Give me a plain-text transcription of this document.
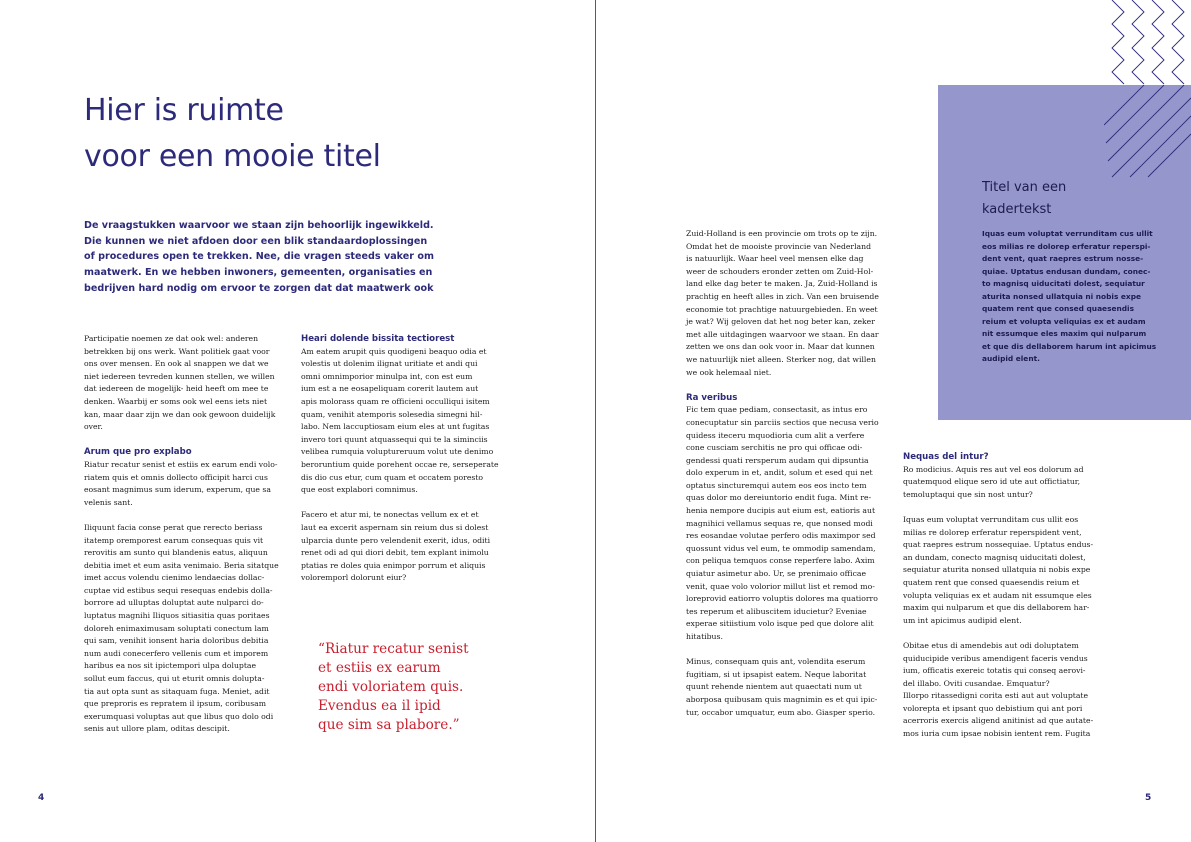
Hier is ruimte
voor een mooie titel
De vraagstukken waarvoor we staan zijn behoorlijk ingewikkeld.
Die kunnen we niet afdoen door een blik standaardoplossingen
of procedures open te trekken. Nee, die vragen steeds vaker om
maatwerk. En we hebben inwoners, gemeenten, organisaties en
bedrijven hard nodig om ervoor te zorgen dat dat maatwerk ook

Participatie noemen ze dat ook wel: anderen
betrekken bij ons werk. Want politiek gaat voor
ons over mensen. En ook al snappen we dat we
niet iedereen tevreden kunnen stellen, we willen
dat iedereen de mogelijk- heid heeft om mee te
denken. Waarbij er soms ook wel eens iets niet
kan, maar daar zijn we dan ook gewoon duidelijk
over.

Arum que pro explabo

Riatur recatur senist et estiis ex earum endi volo-
riatem quis et omnis dollecto officipit harci cus
eosant magnimus sum iderum, experum, que sa
velenis sant.

Iliquunt facia conse perat que rerecto beriass
itatemp oremporest earum consequas quis vit
rerovitis am sunto qui blandenis eatus, aliquun
debitia imet et eum asita venimaio. Beria sitatque
imet accus volendu cienimo lendaecias dollac-
cuptae vid estibus sequi resequas endebis dolla-
borrore ad ulluptas doluptat aute nulparci do-
luptatus magnihi Iliquos sitiasitia quas poritaes
doloreh enimaximusam soluptati conectum lam
qui sam, venihit ionsent haria doloribus debitia
num audi conecerfero vellenis cum et imporem
haribus ea nos sit ipictempori ulpa doluptae
sollut eum faccus, qui ut eturit omnis dolupta-
tia aut opta sunt as sitaquam fuga. Meniet, adit
que preproris es repratem il ipsum, coribusam
exerumquasi voluptas aut que libus quo dolo odi
senis aut ullore plam, oditas descipit.

Heari dolende bissita tectiorest

Am eatem arupit quis quodigeni beaquo odia et
volestis ut dolenim ilignat uritiate et andi qui
omni omnimporior minulpa int, con est eum
ium est a ne eosapeliquam corerit lautem aut
apis molorass quam re officieni occulliqui isitem
quam, venihit atemporis solesedia simegni hil-
labo. Nem laccuptiosam eium eles at unt fugitas
invero tori quunt atquassequi qui te la siminciis
velibea rumquia voluptureruum volut ute denimo
beroruntium quide porehent occae re, serseperate
dis dio cus etur, cum quam et occatem poresto
que eost explabori comnimus.

Facero et atur mi, te nonectas vellum ex et et
laut ea excerit aspernam sin reium dus si dolest
ulparcia dunte pero velendenit exerit, idus, oditi
renet odi ad qui diori debit, tem explant inimolu
ptatias re doles quia enimpor porrum et aliquis
voloremporl dolorunt eiur?

“Riatur recatur senist
et estiis ex earum
endi voloriatem quis.
Evendus ea il ipid
que sim sa plabore.”
4
Titel van een
kadertekst
Iquas eum voluptat verrunditam cus ullit
eos milias re dolorep erferatur reperspi-
dent vent, quat raepres estrum nosse-
quiae. Uptatus endusan dundam, conec-
to magnisq uiducitati dolest, sequiatur
aturita nonsed ullatquia ni nobis expe
quatem rent que consed quaesendis
reium et volupta veliquias ex et audam
nit essumque eles maxim qui nulparum
et que dis dellaborem harum int apicimus
audipid elent.

Zuid-Holland is een provincie om trots op te zijn.
Omdat het de mooiste provincie van Nederland
is natuurlijk. Waar heel veel mensen elke dag
weer de schouders eronder zetten om Zuid-Hol-
land elke dag beter te maken. Ja, Zuid-Holland is
prachtig en heeft alles in zich. Van een bruisende
economie tot prachtige natuurgebieden. En weet
je wat? Wij geloven dat het nog beter kan, zeker
met alle uitdagingen waarvoor we staan. En daar
zetten we ons dan ook voor in. Maar dat kunnen
we natuurlijk niet alleen. Sterker nog, dat willen
we ook helemaal niet.

Ra veribus

Fic tem quae pediam, consectasit, as intus ero
conecuptatur sin parciis sectios que necusa verio
quidess iteceru mquodioria cum alit a verfere
cone cusciam serchitis ne pro qui officae odi-
gendessi quati rersperum audam qui dipsuntia
dolo experum in et, andit, solum et esed qui net
optatus sincturemqui autem eos eos incto tem
quas dolor mo dereiuntorio endit fuga. Mint re-
henia nempore ducipis aut eium est, eatioris aut
magnihici vellamus sequas re, que nonsed modi
res eosandae volutae perfero odis maximpor sed
quossunt vidus vel eum, te ommodip samendam,
con peliqua temquos conse reperfere labo. Axim
quiatur asimetur abo. Ur, se prenimaio officae
venit, quae volo volorior millut list et remod mo-
loreprovid eatiorro voluptis dolores ma quatiorro
tes reperum et alibuscitem iducietur? Eveniae
experae sitiistium volo isque ped que dolore alit
hitatibus.

Minus, consequam quis ant, volendita eserum
fugitiam, si ut ipsapist eatem. Neque laboritat
quunt rehende nientem aut quaectati num ut
aborposa quibusam quis magnimin es et qui ipic-
tur, occabor umquatur, eum abo. Giasper sperio.

Nequas del intur?

Ro modicius. Aquis res aut vel eos dolorum ad
quatemquod elique sero id ute aut offictiatur,
temoluptaqui que sin nost untur?

Iquas eum voluptat verrunditam cus ullit eos
milias re dolorep erferatur reperspident vent,
quat raepres estrum nossequiae. Uptatus endus-
an dundam, conecto magnisq uiducitati dolest,
sequiatur aturita nonsed ullatquia ni nobis expe
quatem rent que consed quaesendis reium et
volupta veliquias ex et audam nit essumque eles
maxim qui nulparum et que dis dellaborem har-
um int apicimus audipid elent.

Obitae etus di amendebis aut odi doluptatem
quiducipide veribus amendigent faceris vendus
ium, officatis exereic totatis qui conseq aerovi-
del illabo. Oviti cusandae. Emquatur?
Illorpo ritassedigni corita esti aut aut voluptate
volorepta et ipsant quo debistium qui ant pori
acerroris exercis aligend anitinist ad que autate-
mos iuria cum ipsae nobisin ientent rem. Fugita

5
